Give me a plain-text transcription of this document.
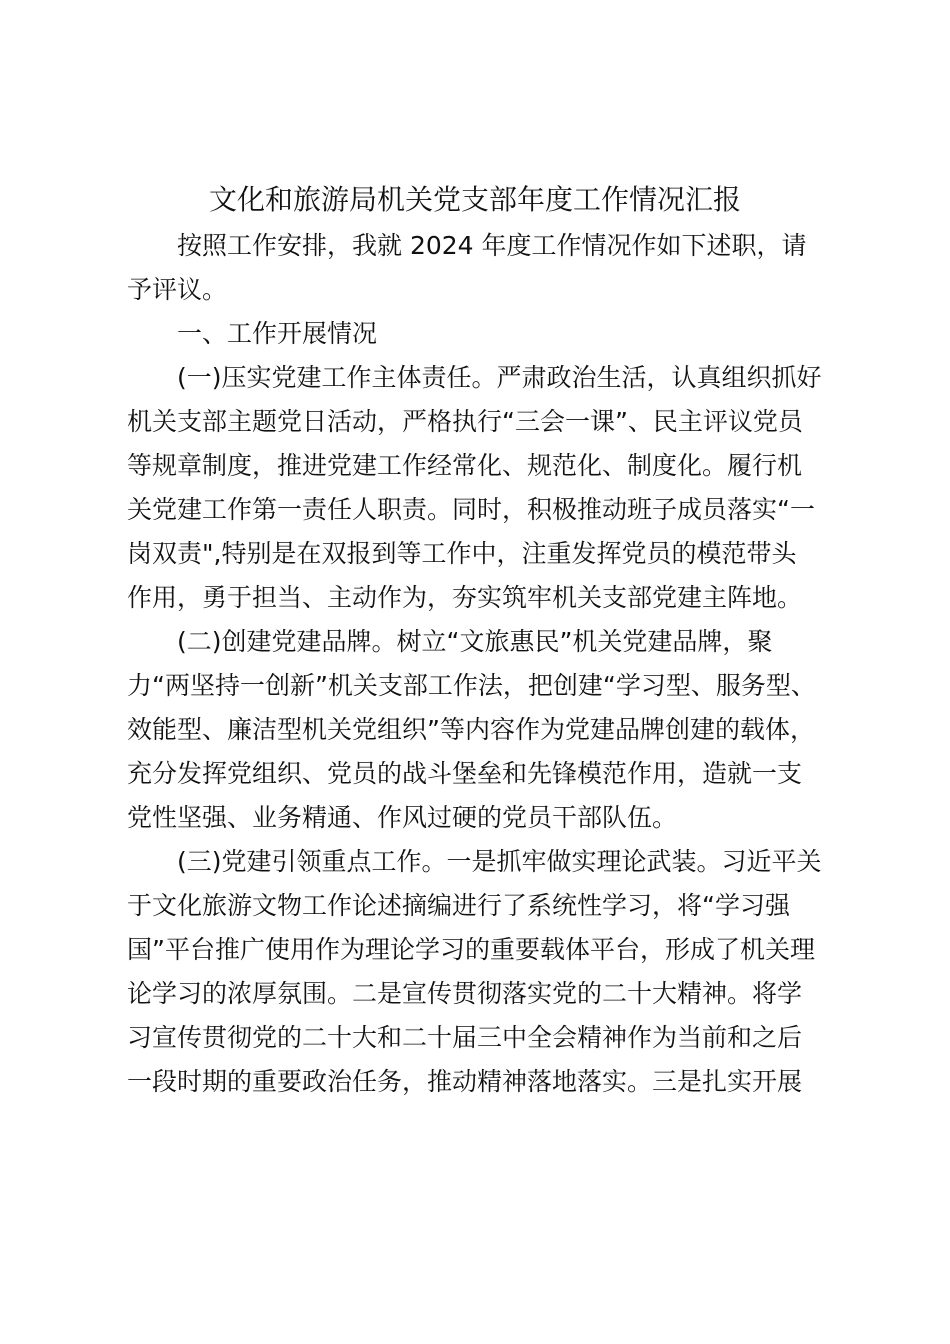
文化和旅游局机关党支部年度工作情况汇报
按照工作安排，我就 2024 年度工作情况作如下述职，请
予评议。
一、工作开展情况
(一)压实党建工作主体责任。严肃政治生活，认真组织抓好
机关支部主题党日活动，严格执行“三会一课”、民主评议党员
等规章制度，推进党建工作经常化、规范化、制度化。履行机
关党建工作第一责任人职责。同时，积极推动班子成员落实“一
岗双责",特别是在双报到等工作中，注重发挥党员的模范带头
作用，勇于担当、主动作为，夯实筑牢机关支部党建主阵地。
(二)创建党建品牌。树立“文旅惠民”机关党建品牌，聚
力“两坚持一创新”机关支部工作法，把创建“学习型、服务型、
效能型、廉洁型机关党组织”等内容作为党建品牌创建的载体，
充分发挥党组织、党员的战斗堡垒和先锋模范作用，造就一支
党性坚强、业务精通、作风过硬的党员干部队伍。
(三)党建引领重点工作。一是抓牢做实理论武装。习近平关
于文化旅游文物工作论述摘编进行了系统性学习，将“学习强
国”平台推广使用作为理论学习的重要载体平台，形成了机关理
论学习的浓厚氛围。二是宣传贯彻落实党的二十大精神。将学
习宣传贯彻党的二十大和二十届三中全会精神作为当前和之后
一段时期的重要政治任务，推动精神落地落实。三是扎实开展
